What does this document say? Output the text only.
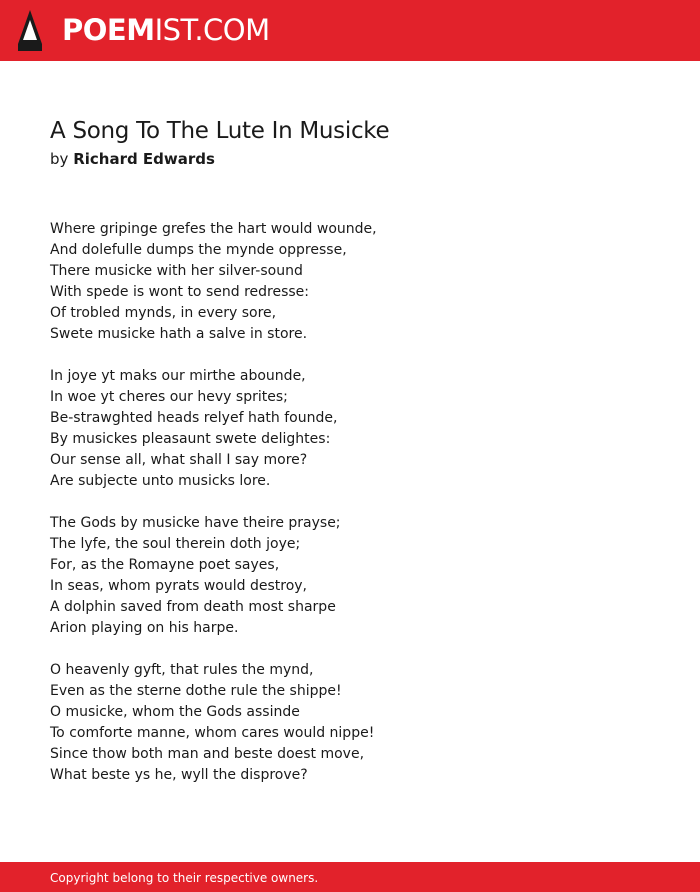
POEMIST.COM
A Song To The Lute In Musicke
by Richard Edwards
Where gripinge grefes the hart would wounde,
And dolefulle dumps the mynde oppresse,
There musicke with her silver-sound
With spede is wont to send redresse:
Of trobled mynds, in every sore,
Swete musicke hath a salve in store.
In joye yt maks our mirthe abounde,
In woe yt cheres our hevy sprites;
Be-strawghted heads relyef hath founde,
By musickes pleasaunt swete delightes:
Our sense all, what shall I say more?
Are subjecte unto musicks lore.
The Gods by musicke have theire prayse;
The lyfe, the soul therein doth joye;
For, as the Romayne poet sayes,
In seas, whom pyrats would destroy,
A dolphin saved from death most sharpe
Arion playing on his harpe.
O heavenly gyft, that rules the mynd,
Even as the sterne dothe rule the shippe!
O musicke, whom the Gods assinde
To comforte manne, whom cares would nippe!
Since thow both man and beste doest move,
What beste ys he, wyll the disprove?
Copyright belong to their respective owners.
